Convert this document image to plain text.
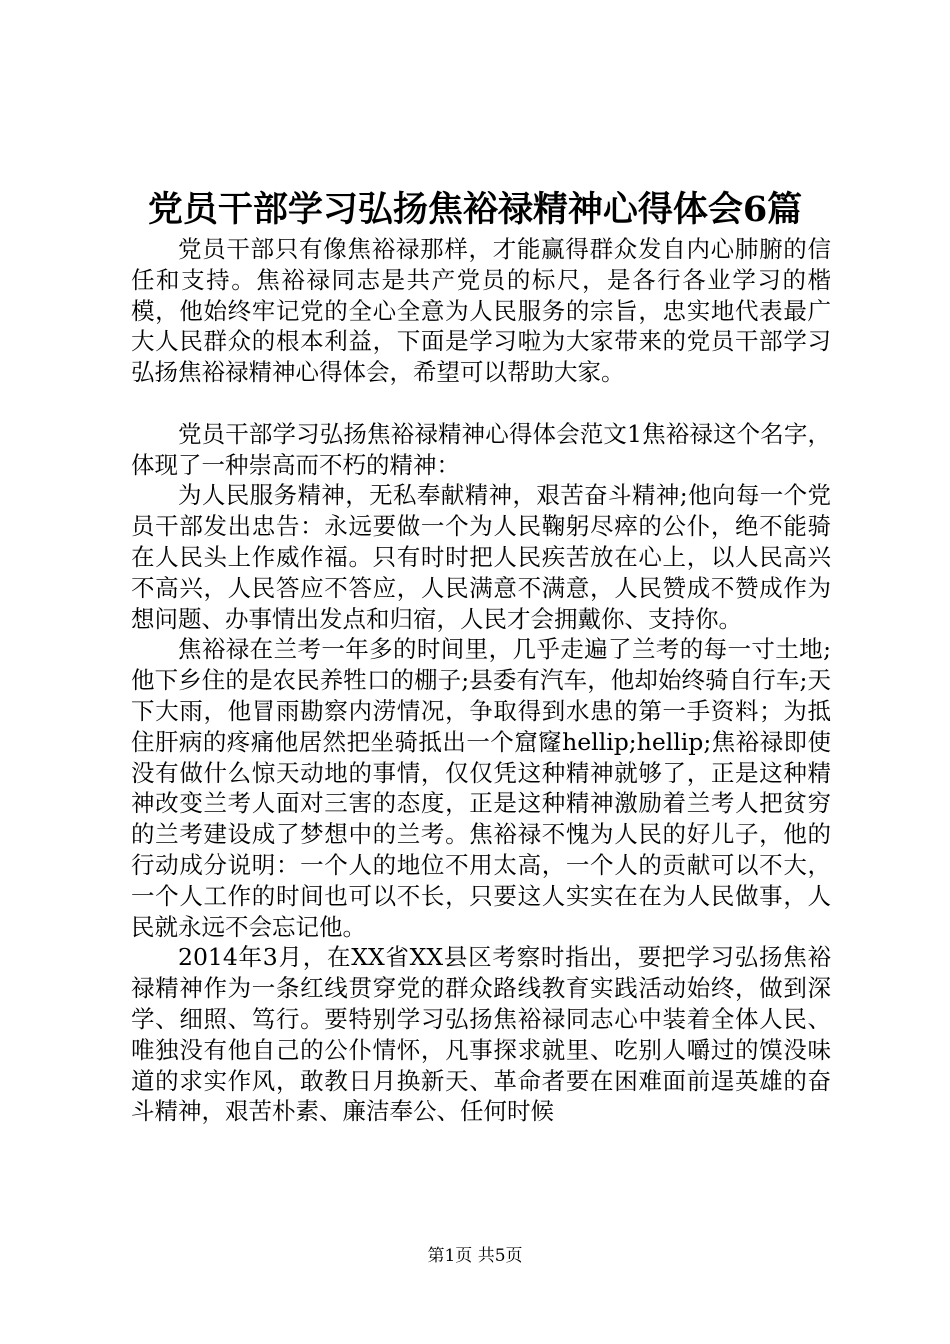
党员干部学习弘扬焦裕禄精神心得体会6篇

党员干部只有像焦裕禄那样，才能赢得群众发自内心肺腑的信任和支持。焦裕禄同志是共产党员的标尺，是各行各业学习的楷模，他始终牢记党的全心全意为人民服务的宗旨，忠实地代表最广大人民群众的根本利益，下面是学习啦为大家带来的党员干部学习弘扬焦裕禄精神心得体会，希望可以帮助大家。

党员干部学习弘扬焦裕禄精神心得体会范文1焦裕禄这个名字，体现了一种崇高而不朽的精神：

为人民服务精神，无私奉献精神，艰苦奋斗精神;他向每一个党员干部发出忠告：永远要做一个为人民鞠躬尽瘁的公仆，绝不能骑在人民头上作威作福。只有时时把人民疾苦放在心上，以人民高兴不高兴，人民答应不答应，人民满意不满意，人民赞成不赞成作为想问题、办事情出发点和归宿，人民才会拥戴你、支持你。

焦裕禄在兰考一年多的时间里，几乎走遍了兰考的每一寸土地;他下乡住的是农民养牲口的棚子;县委有汽车，他却始终骑自行车;天下大雨，他冒雨勘察内涝情况，争取得到水患的第一手资料；为抵住肝病的疼痛他居然把坐骑抵出一个窟窿hellip;hellip;焦裕禄即使没有做什么惊天动地的事情，仅仅凭这种精神就够了，正是这种精神改变兰考人面对三害的态度，正是这种精神激励着兰考人把贫穷的兰考建设成了梦想中的兰考。焦裕禄不愧为人民的好儿子，他的行动成分说明：一个人的地位不用太高，一个人的贡献可以不大，一个人工作的时间也可以不长，只要这人实实在在为人民做事，人民就永远不会忘记他。

2014年3月，在XX省XX县区考察时指出，要把学习弘扬焦裕禄精神作为一条红线贯穿党的群众路线教育实践活动始终，做到深学、细照、笃行。要特别学习弘扬焦裕禄同志心中装着全体人民、唯独没有他自己的公仆情怀，凡事探求就里、吃别人嚼过的馍没味道的求实作风，敢教日月换新天、革命者要在困难面前逞英雄的奋斗精神，艰苦朴素、廉洁奉公、任何时候

第1页 共5页
